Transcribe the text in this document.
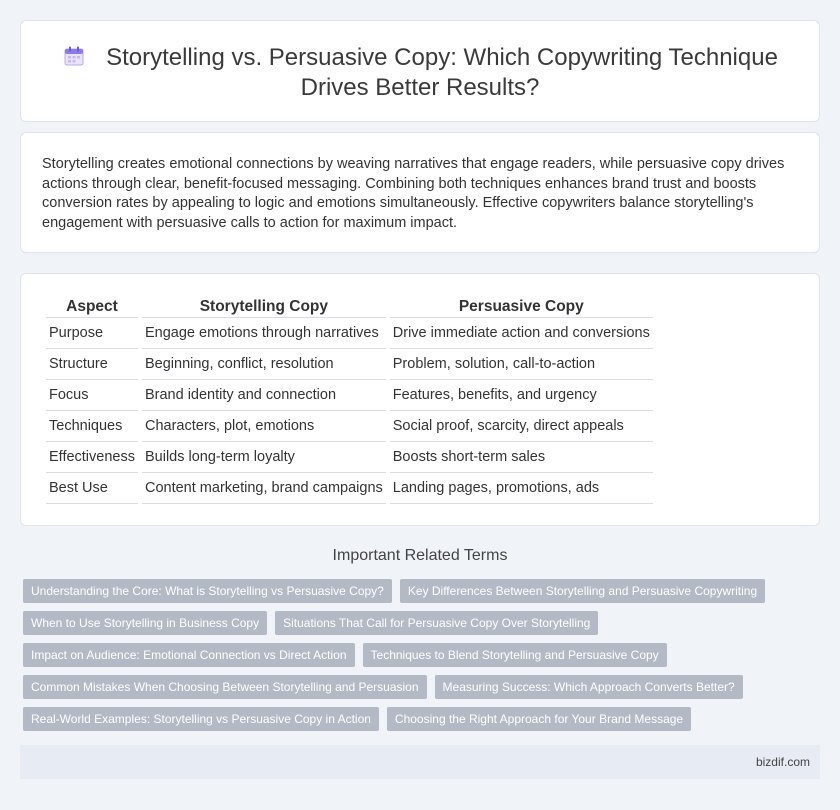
Storytelling vs. Persuasive Copy: Which Copywriting Technique Drives Better Results?

Storytelling creates emotional connections by weaving narratives that engage readers, while persuasive copy drives actions through clear, benefit-focused messaging. Combining both techniques enhances brand trust and boosts conversion rates by appealing to logic and emotions simultaneously. Effective copywriters balance storytelling's engagement with persuasive calls to action for maximum impact.

Aspect	Storytelling Copy	Persuasive Copy
Purpose	Engage emotions through narratives	Drive immediate action and conversions
Structure	Beginning, conflict, resolution	Problem, solution, call-to-action
Focus	Brand identity and connection	Features, benefits, and urgency
Techniques	Characters, plot, emotions	Social proof, scarcity, direct appeals
Effectiveness	Builds long-term loyalty	Boosts short-term sales
Best Use	Content marketing, brand campaigns	Landing pages, promotions, ads
Important Related Terms
Understanding the Core: What is Storytelling vs Persuasive Copy?	Key Differences Between Storytelling and Persuasive Copywriting
When to Use Storytelling in Business Copy	Situations That Call for Persuasive Copy Over Storytelling
Impact on Audience: Emotional Connection vs Direct Action	Techniques to Blend Storytelling and Persuasive Copy
Common Mistakes When Choosing Between Storytelling and Persuasion	Measuring Success: Which Approach Converts Better?
Real-World Examples: Storytelling vs Persuasive Copy in Action	Choosing the Right Approach for Your Brand Message
bizdif.com
